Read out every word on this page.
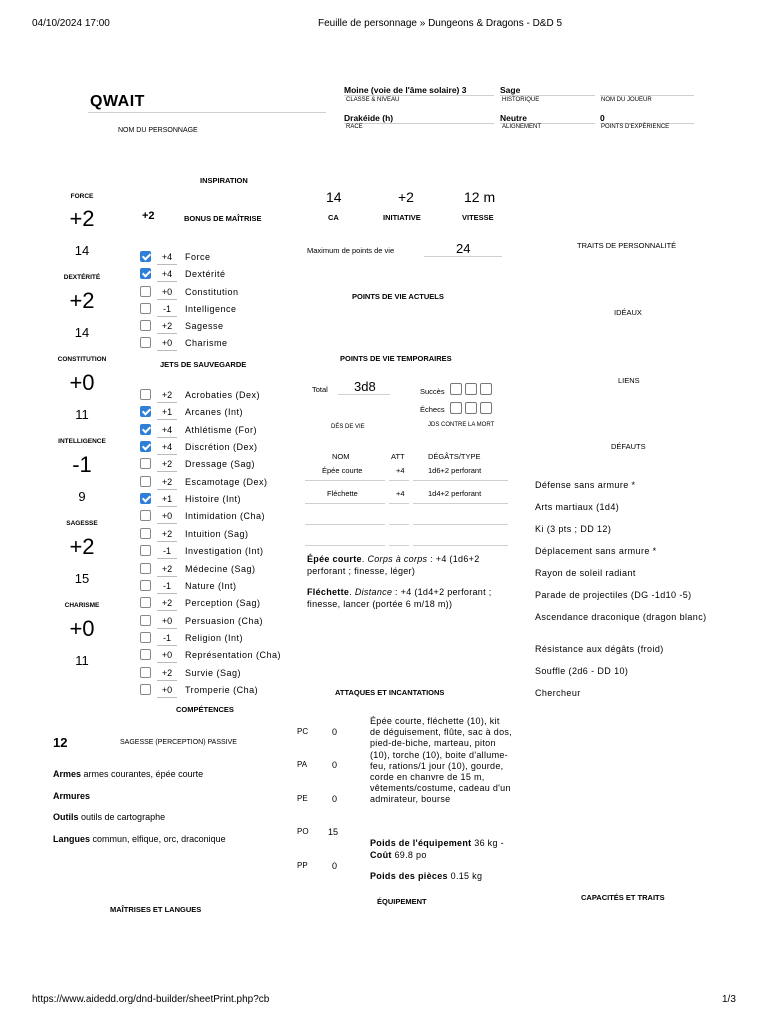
04/10/2024 17:00	Feuille de personnage » Dungeons & Dragons - D&D 5
https://www.aidedd.org/dnd-builder/sheetPrint.php?cb	1/3
QWAIT
NOM DU PERSONNAGE
Moine (voie de l'âme solaire) 3
CLASSE & NIVEAU
Sage
HISTORIQUE	NOM DU JOUEUR
Drakéide (h)
RACE
Neutre
ALIGNEMENT
0
POINTS D'EXPÉRIENCE
FORCE
+2
14
DEXTÉRITÉ
+2
14
CONSTITUTION
+0
11
INTELLIGENCE
-1
9
SAGESSE
+2
15
CHARISME
+0
11
INSPIRATION
+2	BONUS DE MAÎTRISE
+4	Force
+4	Dextérité
+0	Constitution
-1	Intelligence
+2	Sagesse
+0	Charisme
JETS DE SAUVEGARDE
+2	Acrobaties (Dex)
+1	Arcanes (Int)
+4	Athlétisme (For)
+4	Discrétion (Dex)
+2	Dressage (Sag)
+2	Escamotage (Dex)
+1	Histoire (Int)
+0	Intimidation (Cha)
+2	Intuition (Sag)
-1	Investigation (Int)
+2	Médecine (Sag)
-1	Nature (Int)
+2	Perception (Sag)
+0	Persuasion (Cha)
-1	Religion (Int)
+0	Représentation (Cha)
+2	Survie (Sag)
+0	Tromperie (Cha)
COMPÉTENCES
12	SAGESSE (PERCEPTION) PASSIVE
Armes armes courantes, épée courte
Armures
Outils outils de cartographe
Langues commun, elfique, orc, draconique
MAÎTRISES ET LANGUES
14
CA
+2
INITIATIVE
12 m
VITESSE
Maximum de points de vie	24
POINTS DE VIE ACTUELS
POINTS DE VIE TEMPORAIRES
Total 3d8
DÉS DE VIE
Succès
Échecs
JDS CONTRE LA MORT
NOM	ATT	DÉGÂTS/TYPE
Épée courte	+4	1d6+2 perforant
Fléchette	+4	1d4+2 perforant
Épée courte. Corps à corps : +4 (1d6+2 perforant ; finesse, léger)
Fléchette. Distance : +4 (1d4+2 perforant ; finesse, lancer (portée 6 m/18 m))
ATTAQUES ET INCANTATIONS
PC	0
PA	0
PE	0
PO 15
PP	0
Épée courte, fléchette (10), kit de déguisement, flûte, sac à dos, pied-de-biche, marteau, piton (10), torche (10), boite d'allume-feu, rations/1 jour (10), gourde, corde en chanvre de 15 m, vêtements/costume, cadeau d'un admirateur, bourse
Poids de l'équipement 36 kg - Coût 69.8 po
Poids des pièces 0.15 kg
ÉQUIPEMENT
TRAITS DE PERSONNALITÉ
IDÉAUX
LIENS
DÉFAUTS
Défense sans armure *
Arts martiaux (1d4)
Ki (3 pts ; DD 12)
Déplacement sans armure *
Rayon de soleil radiant
Parade de projectiles (DG -1d10 -5)
Ascendance draconique (dragon blanc)
Résistance aux dégâts (froid)
Souffle (2d6 - DD 10)
Chercheur
CAPACITÉS ET TRAITS
